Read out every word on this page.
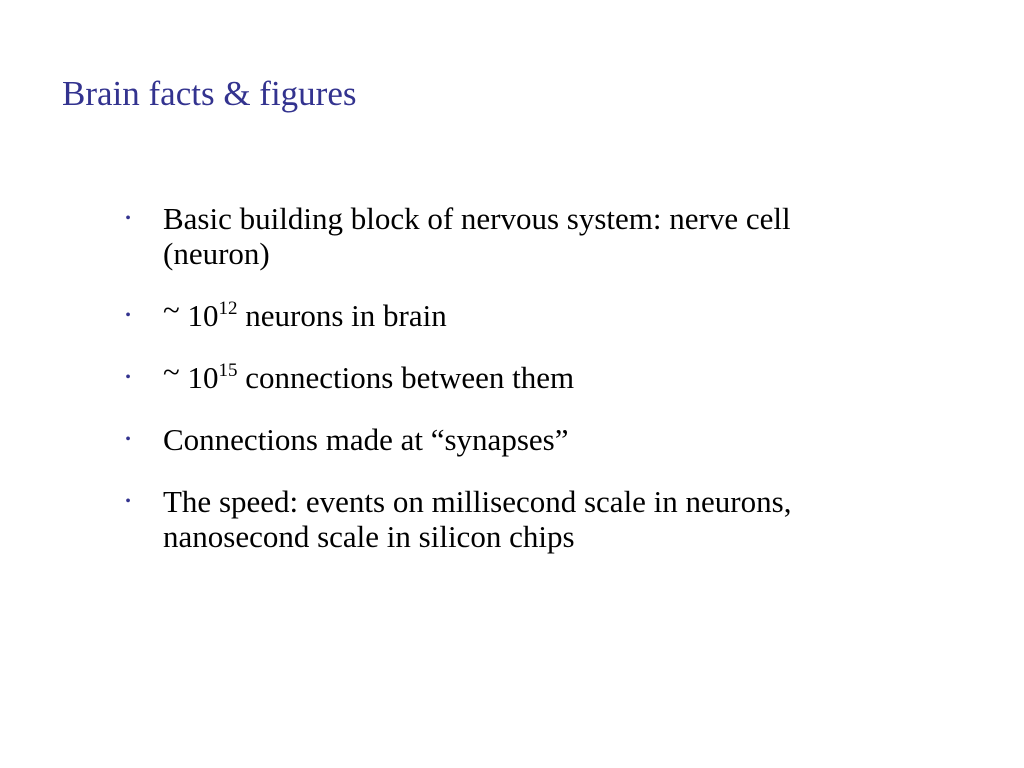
Brain facts & figures
• Basic building block of nervous system: nerve cell (neuron)
• ~ $10^{12}$ neurons in brain
• ~ $10^{15}$ connections between them
• Connections made at “synapses”
• The speed: events on millisecond scale in neurons, nanosecond scale in silicon chips
